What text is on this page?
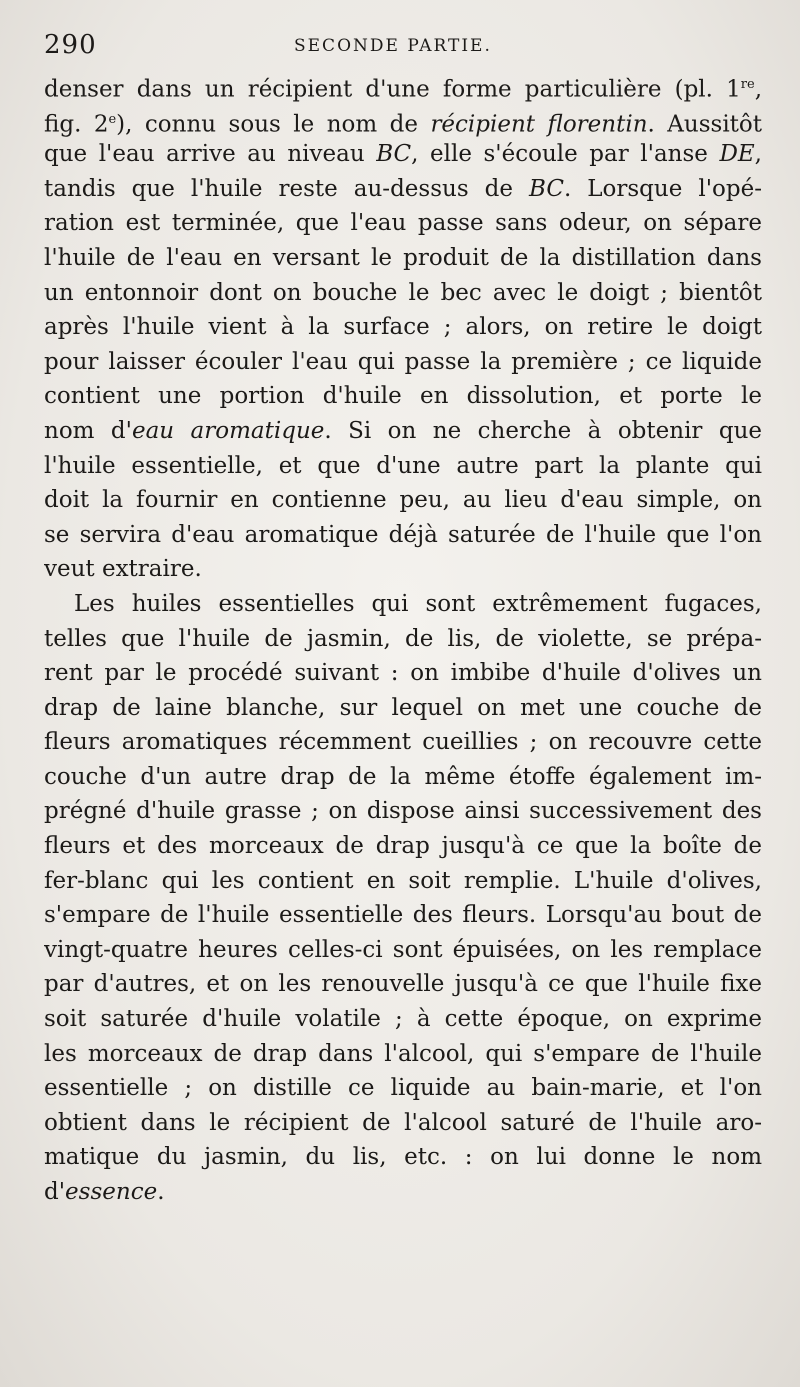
290	SECONDE PARTIE.
denser dans un récipient d'une forme particulière (pl. 1re,
fig. 2e), connu sous le nom de récipient florentin. Aussitôt
que l'eau arrive au niveau BC, elle s'écoule par l'anse DE,
tandis que l'huile reste au-dessus de BC. Lorsque l'opé-
ration est terminée, que l'eau passe sans odeur, on sépare
l'huile de l'eau en versant le produit de la distillation dans
un entonnoir dont on bouche le bec avec le doigt ; bientôt
après l'huile vient à la surface ; alors, on retire le doigt
pour laisser écouler l'eau qui passe la première ; ce liquide
contient une portion d'huile en dissolution, et porte le
nom d'eau aromatique. Si on ne cherche à obtenir que
l'huile essentielle, et que d'une autre part la plante qui
doit la fournir en contienne peu, au lieu d'eau simple, on
se servira d'eau aromatique déjà saturée de l'huile que l'on
veut extraire.
Les huiles essentielles qui sont extrêmement fugaces,
telles que l'huile de jasmin, de lis, de violette, se prépa-
rent par le procédé suivant : on imbibe d'huile d'olives un
drap de laine blanche, sur lequel on met une couche de
fleurs aromatiques récemment cueillies ; on recouvre cette
couche d'un autre drap de la même étoffe également im-
prégné d'huile grasse ; on dispose ainsi successivement des
fleurs et des morceaux de drap jusqu'à ce que la boîte de
fer-blanc qui les contient en soit remplie. L'huile d'olives,
s'empare de l'huile essentielle des fleurs. Lorsqu'au bout de
vingt-quatre heures celles-ci sont épuisées, on les remplace
par d'autres, et on les renouvelle jusqu'à ce que l'huile fixe
soit saturée d'huile volatile ; à cette époque, on exprime
les morceaux de drap dans l'alcool, qui s'empare de l'huile
essentielle ; on distille ce liquide au bain-marie, et l'on
obtient dans le récipient de l'alcool saturé de l'huile aro-
matique du jasmin, du lis, etc. : on lui donne le nom
d'essence.
